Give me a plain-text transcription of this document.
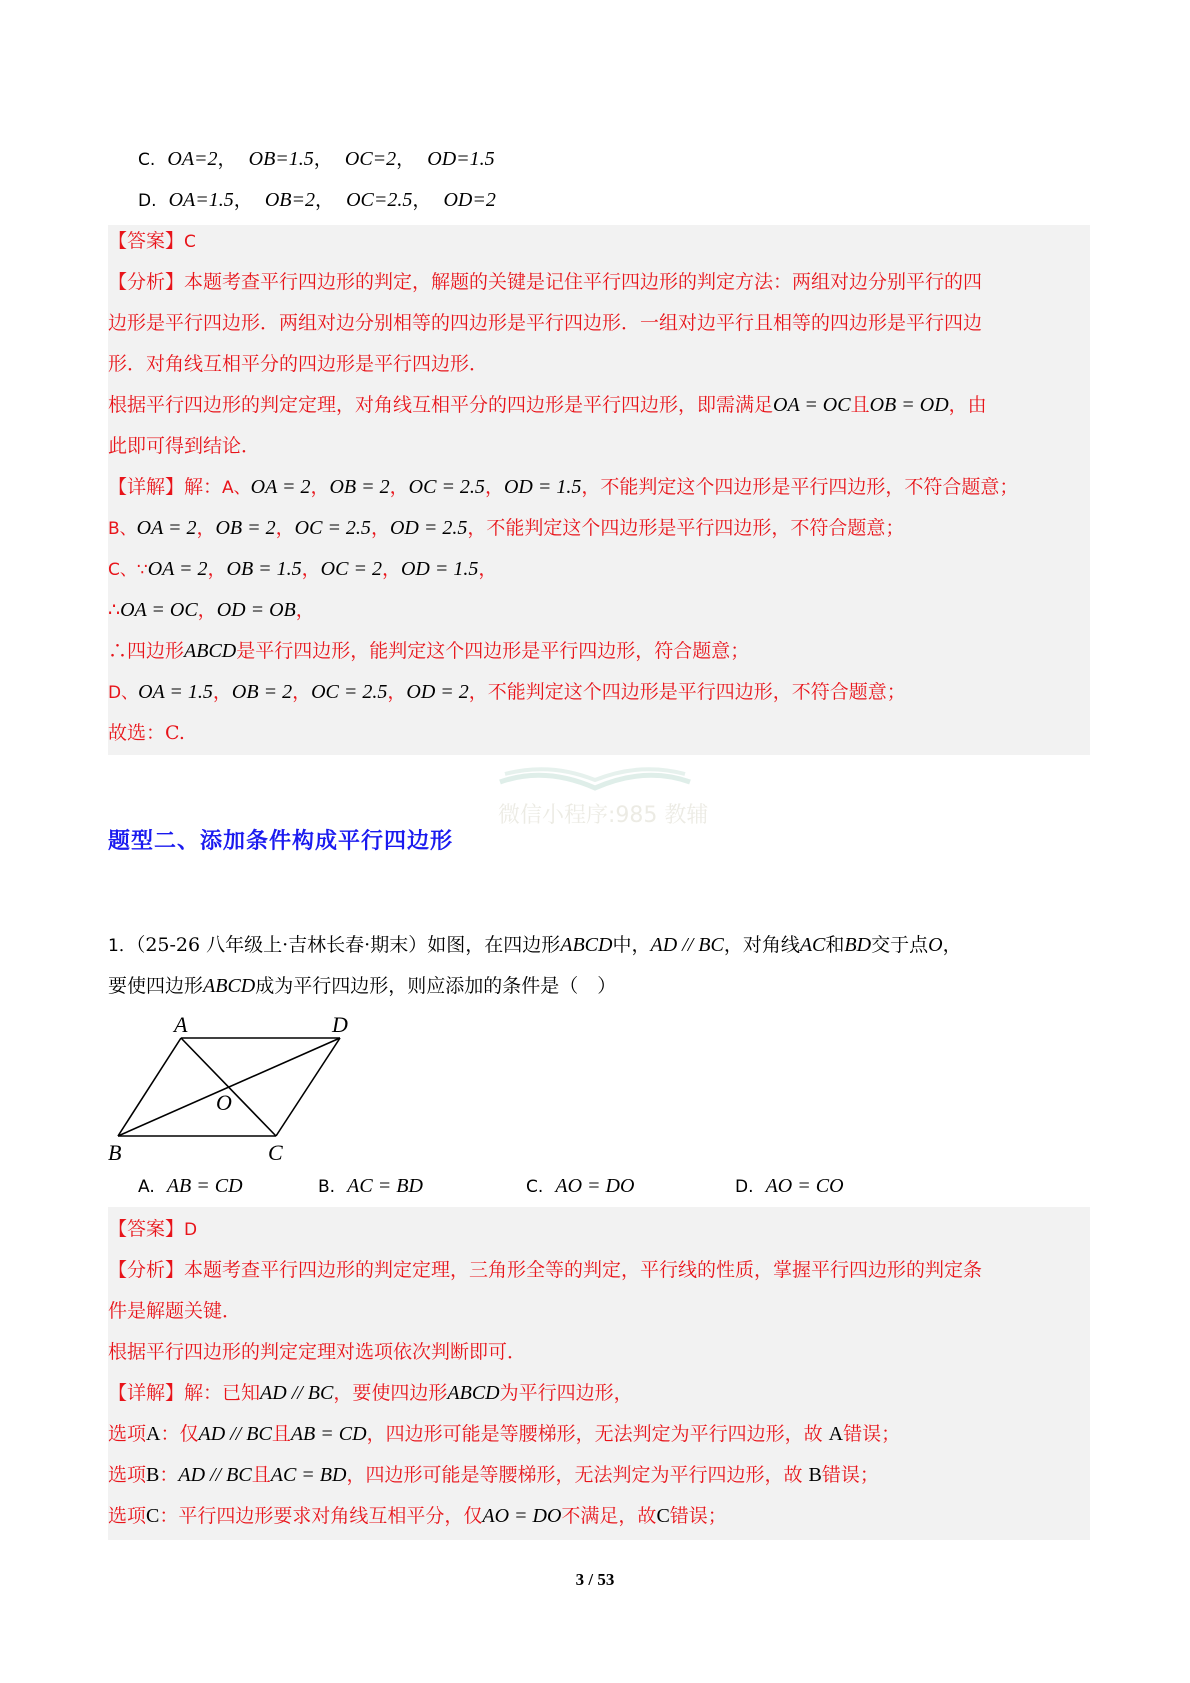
C. OA=2，  OB=1.5，  OC=2，  OD=1.5
D. OA=1.5，  OB=2，  OC=2.5，  OD=2
【答案】C
【分析】本题考查平行四边形的判定，解题的关键是记住平行四边形的判定方法：两组对边分别平行的四
边形是平行四边形．两组对边分别相等的四边形是平行四边形．一组对边平行且相等的四边形是平行四边
形．对角线互相平分的四边形是平行四边形．
根据平行四边形的判定定理，对角线互相平分的四边形是平行四边形，即需满足OA = OC且OB = OD，由
此即可得到结论．
【详解】解：A、OA = 2，OB = 2，OC = 2.5，OD = 1.5，不能判定这个四边形是平行四边形，不符合题意；
B、OA = 2，OB = 2，OC = 2.5，OD = 2.5，不能判定这个四边形是平行四边形，不符合题意；
C、∵OA = 2，OB = 1.5，OC = 2，OD = 1.5，
∴OA = OC，OD = OB，
∴四边形ABCD是平行四边形，能判定这个四边形是平行四边形，符合题意；
D、OA = 1.5，OB = 2，OC = 2.5，OD = 2，不能判定这个四边形是平行四边形，不符合题意；
故选：C.
微信小程序:985 教辅
题型二、添加条件构成平行四边形
1．（25-26 八年级上·吉林长春·期末）如图，在四边形ABCD中，AD // BC，对角线AC和BD交于点O，
要使四边形ABCD成为平行四边形，则应添加的条件是（　）
A	D
B	C
O
A. AB = CD	B. AC = BD	C. AO = DO	D. AO = CO
【答案】D
【分析】本题考查平行四边形的判定定理，三角形全等的判定，平行线的性质，掌握平行四边形的判定条
件是解题关键．
根据平行四边形的判定定理对选项依次判断即可．
【详解】解：已知AD // BC，要使四边形ABCD为平行四边形，
选项A：仅AD // BC且AB = CD，四边形可能是等腰梯形，无法判定为平行四边形，故 A错误；
选项B：AD // BC且AC = BD，四边形可能是等腰梯形，无法判定为平行四边形，故 B错误；
选项C：平行四边形要求对角线互相平分，仅AO = DO不满足，故C错误；
3 / 53
